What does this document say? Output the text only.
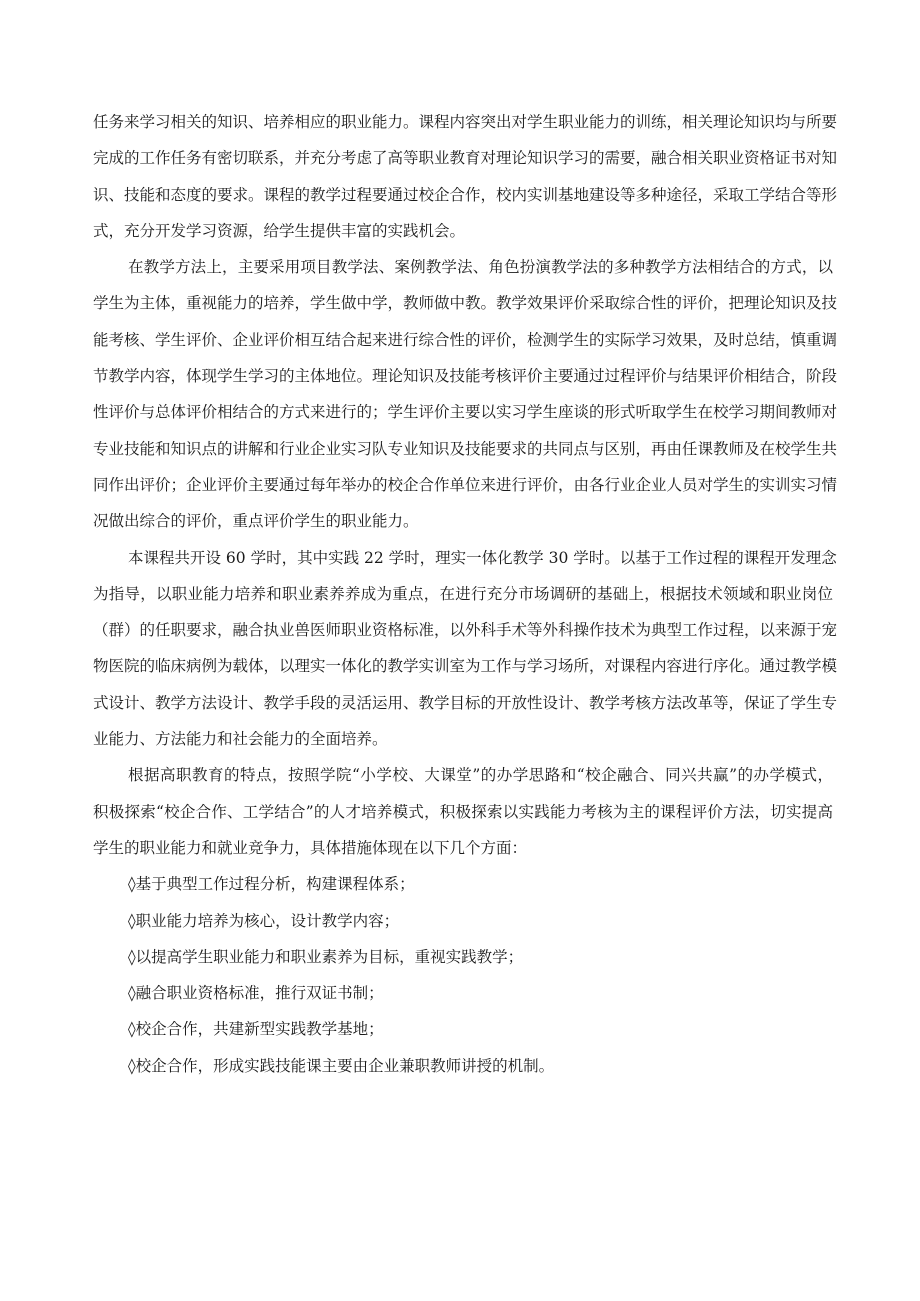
任务来学习相关的知识、培养相应的职业能力。课程内容突出对学生职业能力的训练，相关理论知识均与所要
完成的工作任务有密切联系，并充分考虑了高等职业教育对理论知识学习的需要，融合相关职业资格证书对知
识、技能和态度的要求。课程的教学过程要通过校企合作，校内实训基地建设等多种途径，采取工学结合等形
式，充分开发学习资源，给学生提供丰富的实践机会。
在教学方法上，主要采用项目教学法、案例教学法、角色扮演教学法的多种教学方法相结合的方式，以
学生为主体，重视能力的培养，学生做中学，教师做中教。教学效果评价采取综合性的评价，把理论知识及技
能考核、学生评价、企业评价相互结合起来进行综合性的评价，检测学生的实际学习效果，及时总结，慎重调
节教学内容，体现学生学习的主体地位。理论知识及技能考核评价主要通过过程评价与结果评价相结合，阶段
性评价与总体评价相结合的方式来进行的；学生评价主要以实习学生座谈的形式听取学生在校学习期间教师对
专业技能和知识点的讲解和行业企业实习队专业知识及技能要求的共同点与区别，再由任课教师及在校学生共
同作出评价；企业评价主要通过每年举办的校企合作单位来进行评价，由各行业企业人员对学生的实训实习情
况做出综合的评价，重点评价学生的职业能力。
本课程共开设 60 学时，其中实践 22 学时，理实一体化教学 30 学时。以基于工作过程的课程开发理念
为指导，以职业能力培养和职业素养养成为重点，在进行充分市场调研的基础上，根据技术领域和职业岗位
（群）的任职要求，融合执业兽医师职业资格标准，以外科手术等外科操作技术为典型工作过程，以来源于宠
物医院的临床病例为载体，以理实一体化的教学实训室为工作与学习场所，对课程内容进行序化。通过教学模
式设计、教学方法设计、教学手段的灵活运用、教学目标的开放性设计、教学考核方法改革等，保证了学生专
业能力、方法能力和社会能力的全面培养。
根据高职教育的特点，按照学院“小学校、大课堂”的办学思路和“校企融合、同兴共赢”的办学模式，
积极探索“校企合作、工学结合”的人才培养模式，积极探索以实践能力考核为主的课程评价方法，切实提高
学生的职业能力和就业竞争力，具体措施体现在以下几个方面：
◊基于典型工作过程分析，构建课程体系；
◊职业能力培养为核心，设计教学内容；
◊以提高学生职业能力和职业素养为目标，重视实践教学；
◊融合职业资格标准，推行双证书制；
◊校企合作，共建新型实践教学基地；
◊校企合作，形成实践技能课主要由企业兼职教师讲授的机制。
